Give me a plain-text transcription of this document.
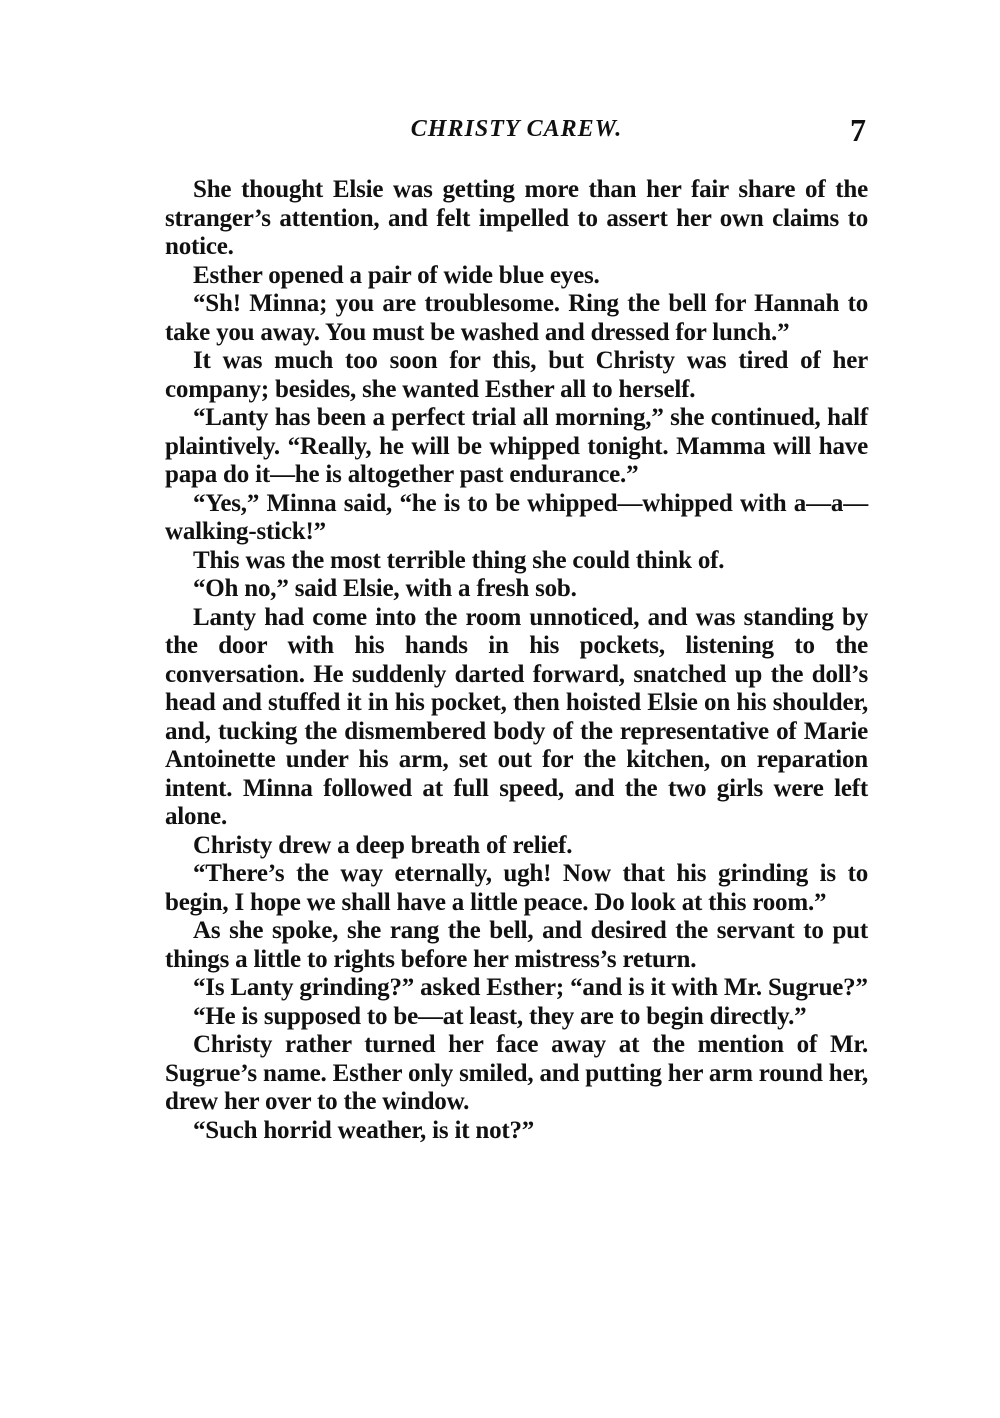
CHRISTY CAREW.	7

She thought Elsie was getting more than her fair share of the stranger’s attention, and felt impelled to assert her own claims to notice.

Esther opened a pair of wide blue eyes.

“Sh! Minna; you are troublesome. Ring the bell for Hannah to take you away. You must be washed and dressed for lunch.”

It was much too soon for this, but Christy was tired of her company; besides, she wanted Esther all to herself.

“Lanty has been a perfect trial all morning,” she continued, half plaintively. “Really, he will be whipped tonight. Mamma will have papa do it—he is altogether past endurance.”

“Yes,” Minna said, “he is to be whipped—whipped with a—a—walking-stick!”

This was the most terrible thing she could think of.

“Oh no,” said Elsie, with a fresh sob.

Lanty had come into the room unnoticed, and was standing by the door with his hands in his pockets, listening to the conversation. He suddenly darted forward, snatched up the doll’s head and stuffed it in his pocket, then hoisted Elsie on his shoulder, and, tucking the dismembered body of the representative of Marie Antoinette under his arm, set out for the kitchen, on reparation intent. Minna followed at full speed, and the two girls were left alone.

Christy drew a deep breath of relief.

“There’s the way eternally, ugh! Now that his grinding is to begin, I hope we shall have a little peace. Do look at this room.”

As she spoke, she rang the bell, and desired the servant to put things a little to rights before her mistress’s return.

“Is Lanty grinding?” asked Esther; “and is it with Mr. Sugrue?”

“He is supposed to be—at least, they are to begin directly.”

Christy rather turned her face away at the mention of Mr. Sugrue’s name. Esther only smiled, and putting her arm round her, drew her over to the window.

“Such horrid weather, is it not?”
